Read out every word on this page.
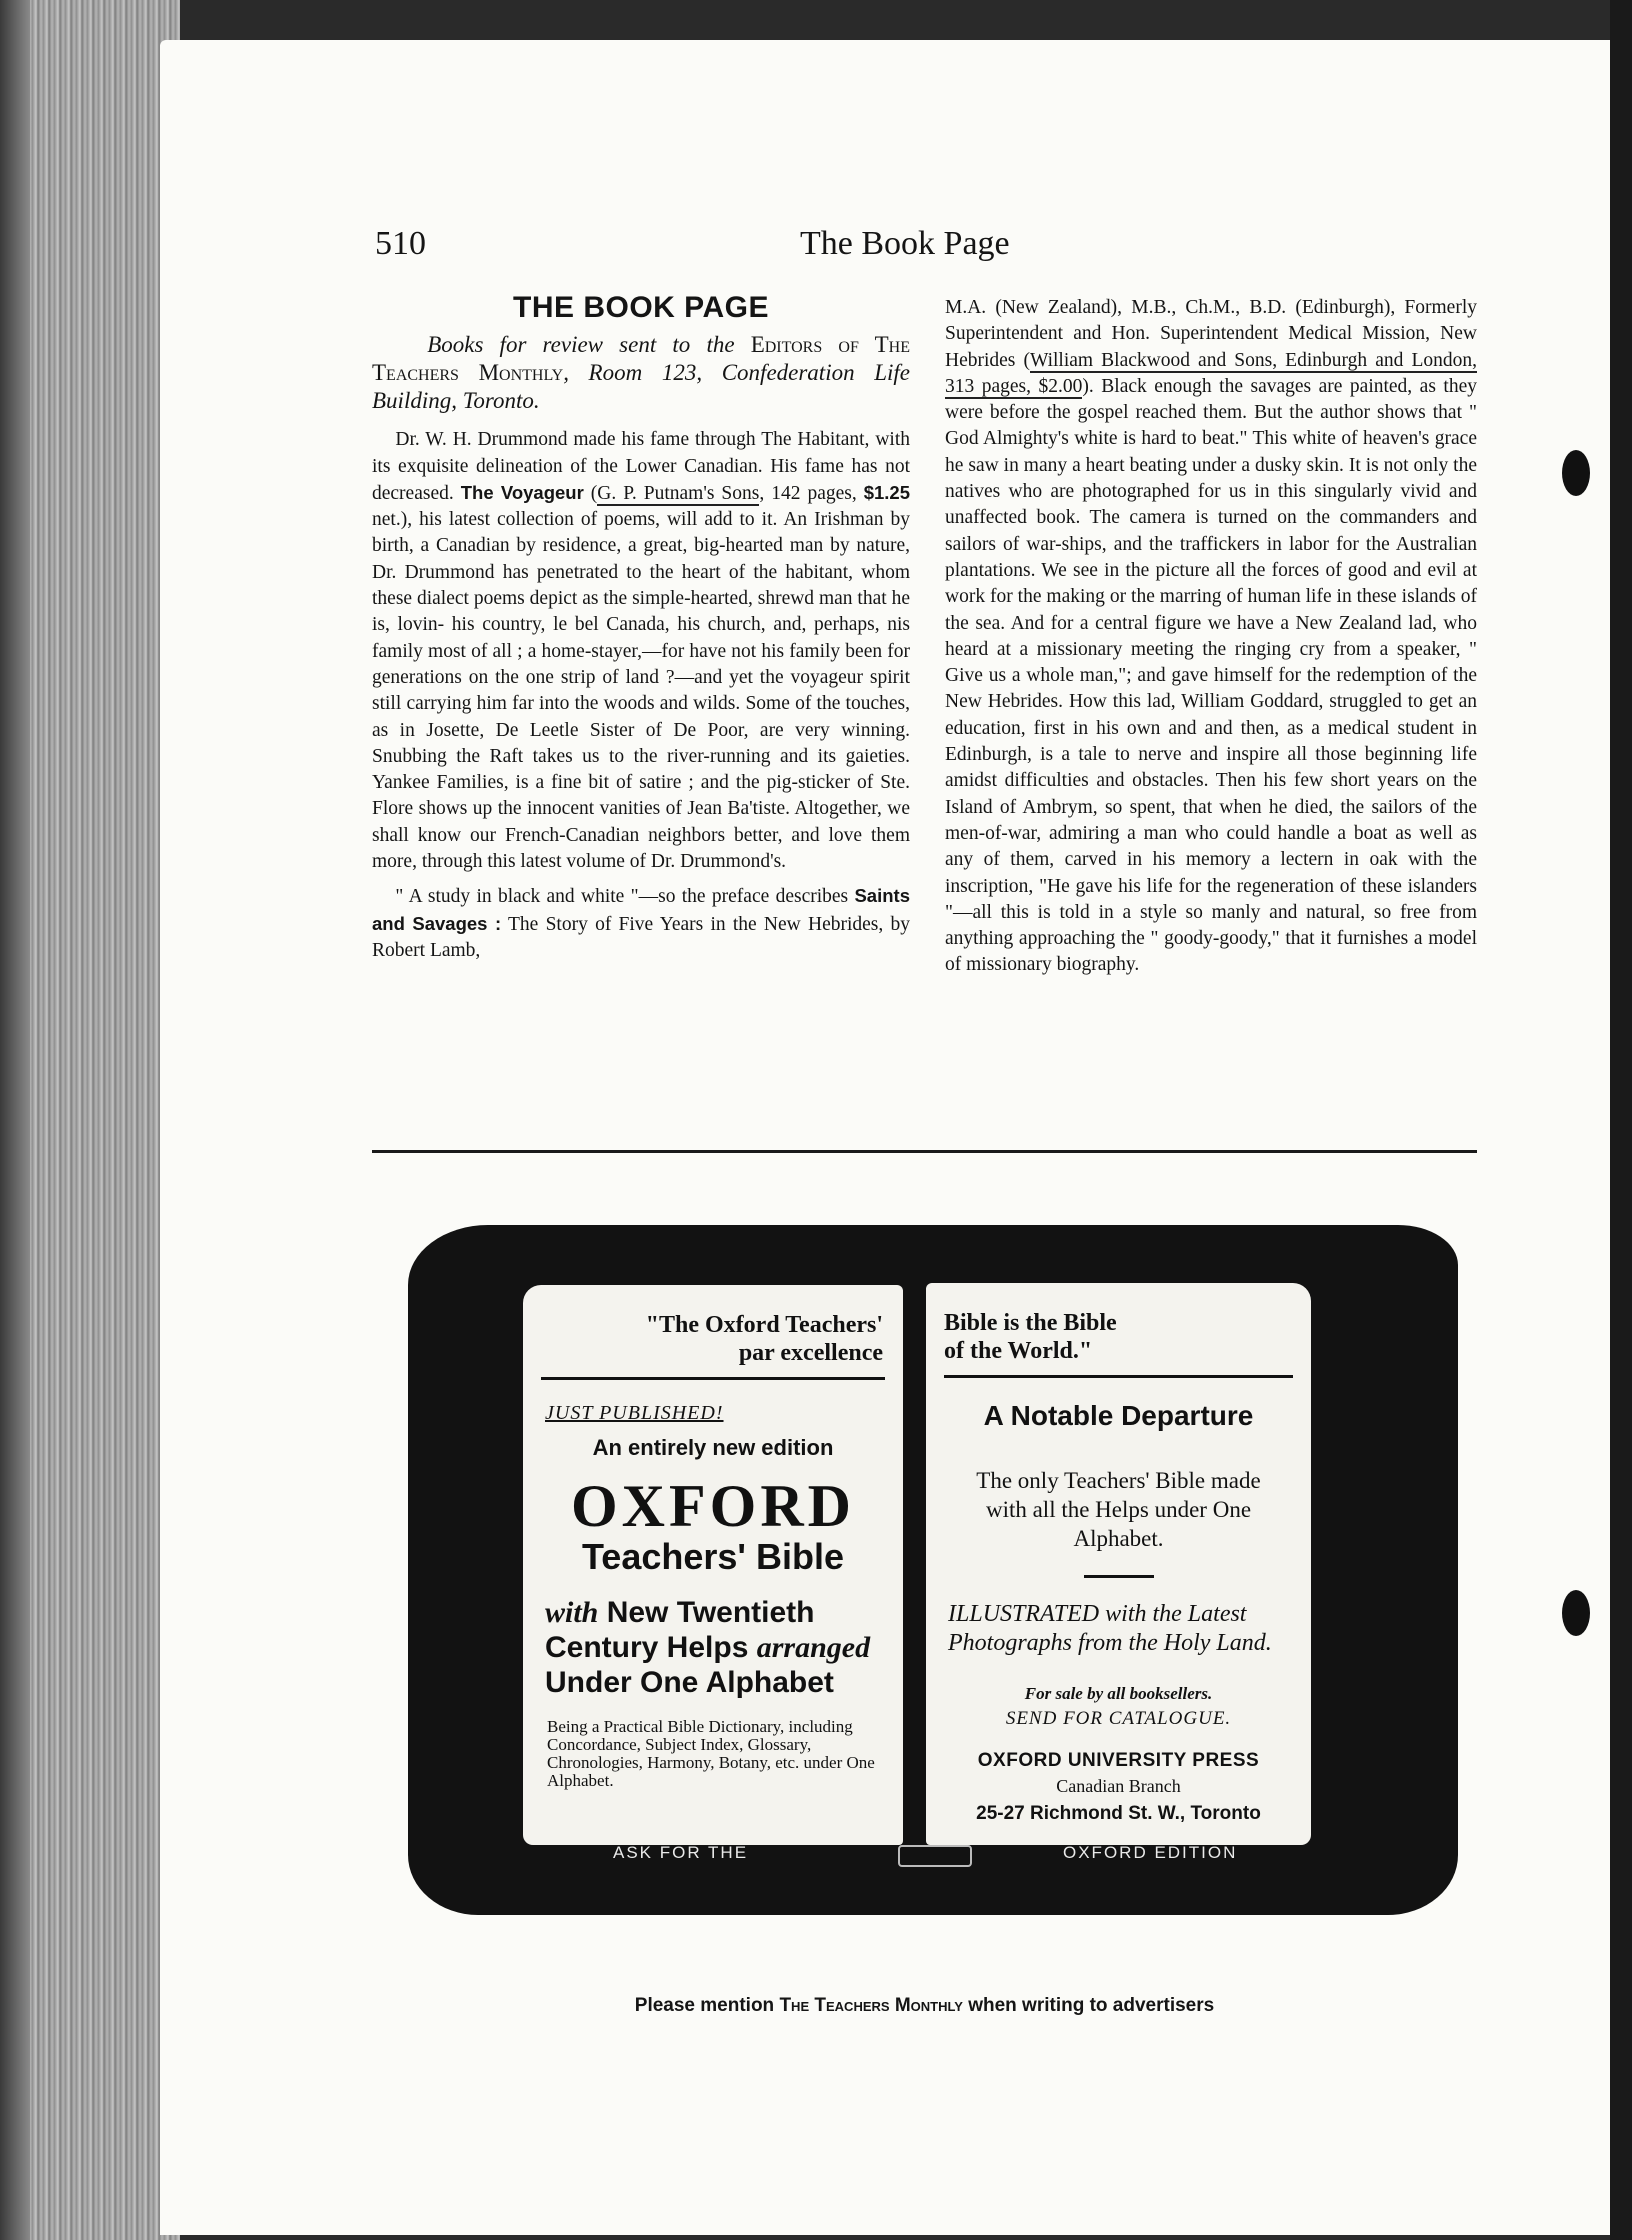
510	The Book Page
THE BOOK PAGE

Books for review sent to the Editors of The Teachers Monthly, Room 123, Confederation Life Building, Toronto.

Dr. W. H. Drummond made his fame through The Habitant, with its exquisite delineation of the Lower Canadian. His fame has not decreased. The Voyageur (G. P. Putnam's Sons, 142 pages, $1.25 net.), his latest collection of poems, will add to it. An Irishman by birth, a Canadian by residence, a great, big-hearted man by nature, Dr. Drummond has penetrated to the heart of the habitant, whom these dialect poems depict as the simple-hearted, shrewd man that he is, lovin- his country, le bel Canada, his church, and, perhaps, nis family most of all ; a home-stayer,—for have not his family been for generations on the one strip of land ?—and yet the voyageur spirit still carrying him far into the woods and wilds. Some of the touches, as in Josette, De Leetle Sister of De Poor, are very winning. Snubbing the Raft takes us to the river-running and its gaieties. Yankee Families, is a fine bit of satire ; and the pig-sticker of Ste. Flore shows up the innocent vanities of Jean Ba'tiste. Altogether, we shall know our French-Canadian neighbors better, and love them more, through this latest volume of Dr. Drummond's.

" A study in black and white "—so the preface describes Saints and Savages : The Story of Five Years in the New Hebrides, by Robert Lamb,

M.A. (New Zealand), M.B., Ch.M., B.D. (Edinburgh), Formerly Superintendent and Hon. Superintendent Medical Mission, New Hebrides (William Blackwood and Sons, Edinburgh and London, 313 pages, $2.00). Black enough the savages are painted, as they were before the gospel reached them. But the author shows that " God Almighty's white is hard to beat." This white of heaven's grace he saw in many a heart beating under a dusky skin. It is not only the natives who are photographed for us in this singularly vivid and unaffected book. The camera is turned on the commanders and sailors of war-ships, and the traffickers in labor for the Australian plantations. We see in the picture all the forces of good and evil at work for the making or the marring of human life in these islands of the sea. And for a central figure we have a New Zealand lad, who heard at a missionary meeting the ringing cry from a speaker, " Give us a whole man,"; and gave himself for the redemption of the New Hebrides. How this lad, William Goddard, struggled to get an education, first in his own and and then, as a medical student in Edinburgh, is a tale to nerve and inspire all those beginning life amidst difficulties and obstacles. Then his few short years on the Island of Ambrym, so spent, that when he died, the sailors of the men-of-war, admiring a man who could handle a boat as well as any of them, carved in his memory a lectern in oak with the inscription, "He gave his life for the regeneration of these islanders "—all this is told in a style so manly and natural, so free from anything approaching the " goody-goody," that it furnishes a model of missionary biography.

"The Oxford Teachers'
par excellence
JUST PUBLISHED!
An entirely new edition
OXFORD
Teachers' Bible
with New Twentieth Century Helps arranged Under One Alphabet
Being a Practical Bible Dictionary, including Concordance, Subject Index, Glossary, Chronologies, Harmony, Botany, etc. under One Alphabet.
Bible is the Bible
of the World."
A Notable Departure
The only Teachers' Bible made with all the Helps under One Alphabet.
ILLUSTRATED with the Latest Photographs from the Holy Land.
For sale by all booksellers.
SEND FOR CATALOGUE.
OXFORD UNIVERSITY PRESS
Canadian Branch
25-27 Richmond St. W., Toronto
ASK FOR THE	OXFORD EDITION
Please mention The Teachers Monthly when writing to advertisers
